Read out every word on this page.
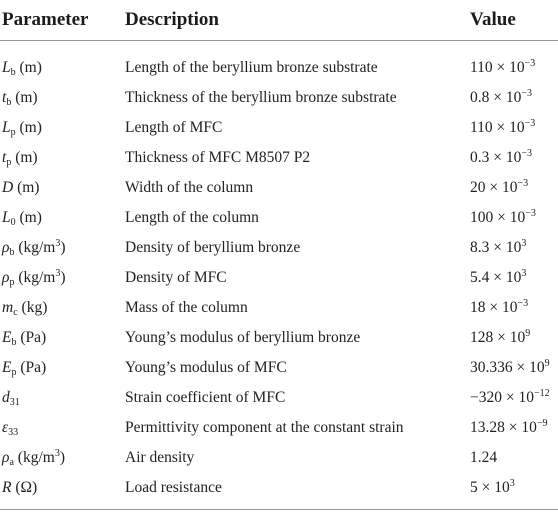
Parameter	Description	Value
$L_b$ (m)	Length of the beryllium bronze substrate	$110 \times 10^{-3}$
$t_b$ (m)	Thickness of the beryllium bronze substrate	$0.8 \times 10^{-3}$
$L_p$ (m)	Length of MFC	$110 \times 10^{-3}$
$t_p$ (m)	Thickness of MFC M8507 P2	$0.3 \times 10^{-3}$
D (m)	Width of the column	$20 \times 10^{-3}$
$L_0$ (m)	Length of the column	$100 \times 10^{-3}$
$\rho_b$ $(kg/m^3)$	Density of beryllium bronze	$8.3 \times 10^3$
$\rho_p$ $(kg/m^3)$	Density of MFC	$5.4 \times 10^3$
$m_c$ (kg)	Mass of the column	$18 \times 10^{-3}$
$E_b$ (Pa)	Young’s modulus of beryllium bronze	$128 \times 10^9$
$E_p$ (Pa)	Young’s modulus of MFC	$30.336 \times 10^9$
$d_{31}$	Strain coefficient of MFC	$-320 \times 10^{-12}$
$\varepsilon_{33}$	Permittivity component at the constant strain	$13.28 \times 10^{-9}$
$\rho_a$ $(kg/m^3)$	Air density	1.24
R (Ω)	Load resistance	$5 \times 10^3$
